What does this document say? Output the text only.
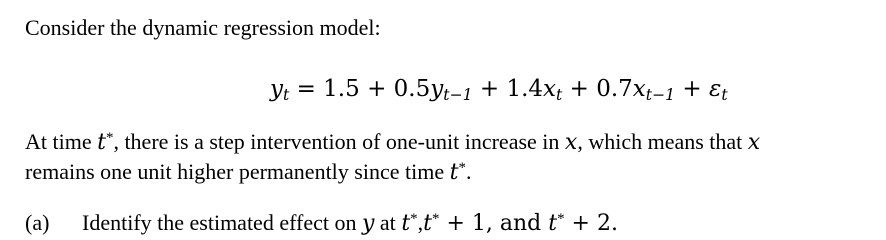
Consider the dynamic regression model:
$y_t = 1.5 + 0.5y_{t-1} + 1.4x_t + 0.7x_{t-1} + \varepsilon_t$
At time t*, there is a step intervention of one-unit increase in x, which means that x
remains one unit higher permanently since time t*.
(a) Identify the estimated effect on y at t*,t* + 1, and t* + 2.
